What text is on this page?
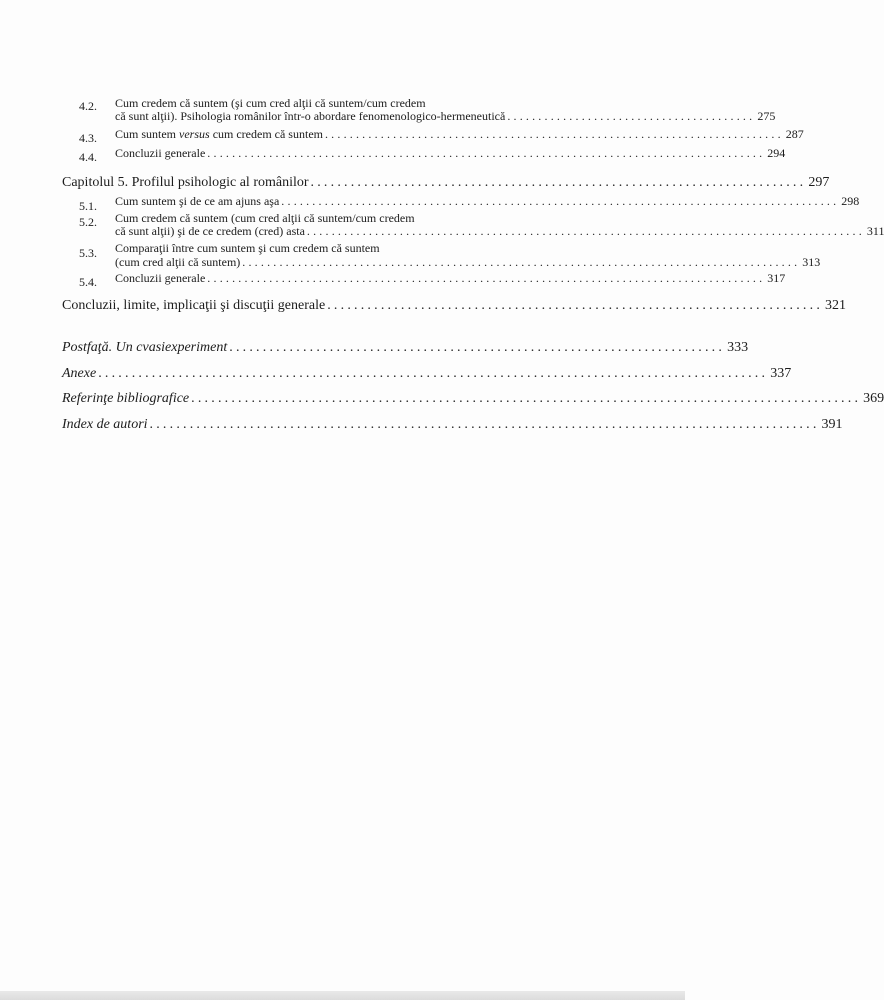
4.2. Cum credem că suntem (şi cum cred alţii că suntem/cum credem
că sunt alţii). Psihologia românilor într-o abordare fenomenologico-hermeneutică ........................................ 275
4.3. Cum suntem versus cum credem că suntem .......................................................................... 287
4.4. Concluzii generale .......................................................................................... 294
Capitolul 5. Profilul psihologic al românilor .......................................................................... 297
5.1. Cum suntem şi de ce am ajuns aşa .......................................................................................... 298
5.2. Cum credem că suntem (cum cred alţii că suntem/cum credem
că sunt alţii) şi de ce credem (cred) asta .......................................................................................... 311
5.3. Comparaţii între cum suntem şi cum credem că suntem
(cum cred alţii că suntem) .......................................................................................... 313
5.4. Concluzii generale .......................................................................................... 317
Concluzii, limite, implicaţii şi discuţii generale .......................................................................... 321
Postfaţă. Un cvasiexperiment .......................................................................... 333
Anexe .................................................................................................... 337
Referinţe bibliografice .................................................................................................... 369
Index de autori .................................................................................................... 391
